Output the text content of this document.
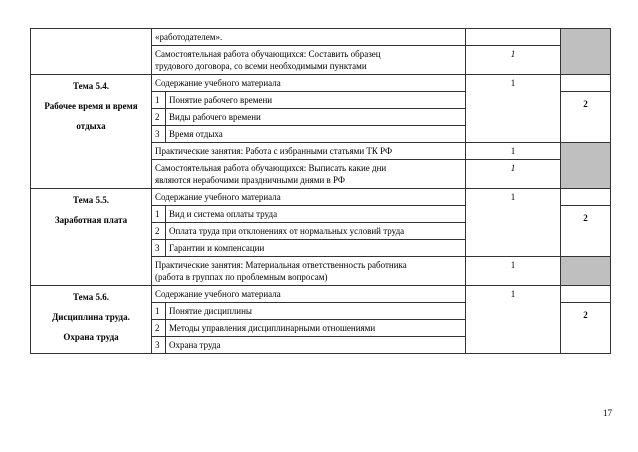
	«работодателем».			

	Самостоятельная работа обучающихся: Составить образец
трудового договора, со всеми необходимыми пунктами		1	

Тема 5.4.
Рабочее время и время
отдыха	Содержание учебного материала		1	
	1	Понятие рабочего времени		2

	2	Виды рабочего времени		
	3	Время отдыха		
	Практические занятия: Работа с избранными статьями ТК РФ		1	

	Самостоятельная работа обучающихся: Выписать какие дни
являются нерабочими праздничными днями в РФ		1	

Тема 5.5.
Заработная плата	Содержание учебного материала		1	
	1	Вид и система оплаты труда		2

	2	Оплата труда при отклонениях от нормальных условий труда		
	3	Гарантии и компенсации		

	Практические занятия: Материальная ответственность работника
(работа в группах по проблемным вопросам)		1	

Тема 5.6.
Дисциплина труда.
Охрана труда	Содержание учебного материала		1	
	1	Понятие дисциплины		2

	2	Методы управления дисциплинарными отношениями		
	3	Охрана труда		
17
